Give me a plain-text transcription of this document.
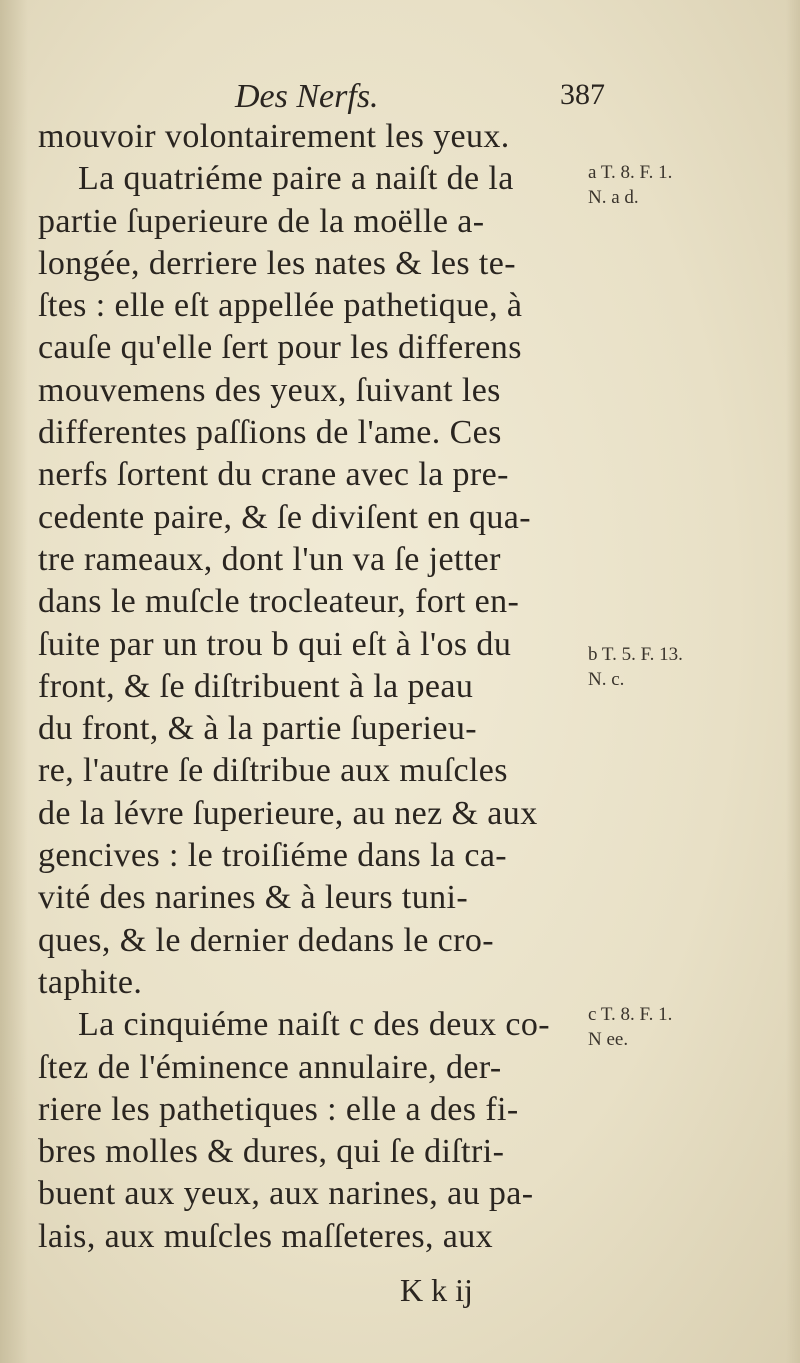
Des Nerfs.	387
mouvoir volontairement les yeux.
La quatriéme paire a naiſt de la
partie ſuperieure de la moëlle a-
longée, derriere les nates & les te-
ſtes : elle eſt appellée pathetique, à
cauſe qu'elle ſert pour les differens
mouvemens des yeux, ſuivant les
differentes paſſions de l'ame. Ces
nerfs ſortent du crane avec la pre-
cedente paire, & ſe diviſent en qua-
tre rameaux, dont l'un va ſe jetter
dans le muſcle trocleateur, fort en-
ſuite par un trou b qui eſt à l'os du
front, & ſe diſtribuent à la peau
du front, & à la partie ſuperieu-
re, l'autre ſe diſtribue aux muſcles
de la lévre ſuperieure, au nez & aux
gencives : le troiſiéme dans la ca-
vité des narines & à leurs tuni-
ques, & le dernier dedans le cro-
taphite.
La cinquiéme naiſt c des deux co-
ſtez de l'éminence annulaire, der-
riere les pathetiques : elle a des fi-
bres molles & dures, qui ſe diſtri-
buent aux yeux, aux narines, au pa-
lais, aux muſcles maſſeteres, aux
a T. 8. F. 1.
N. a d.
b T. 5. F. 13.
N. c.
c T. 8. F. 1.
N ee.
K k ij
